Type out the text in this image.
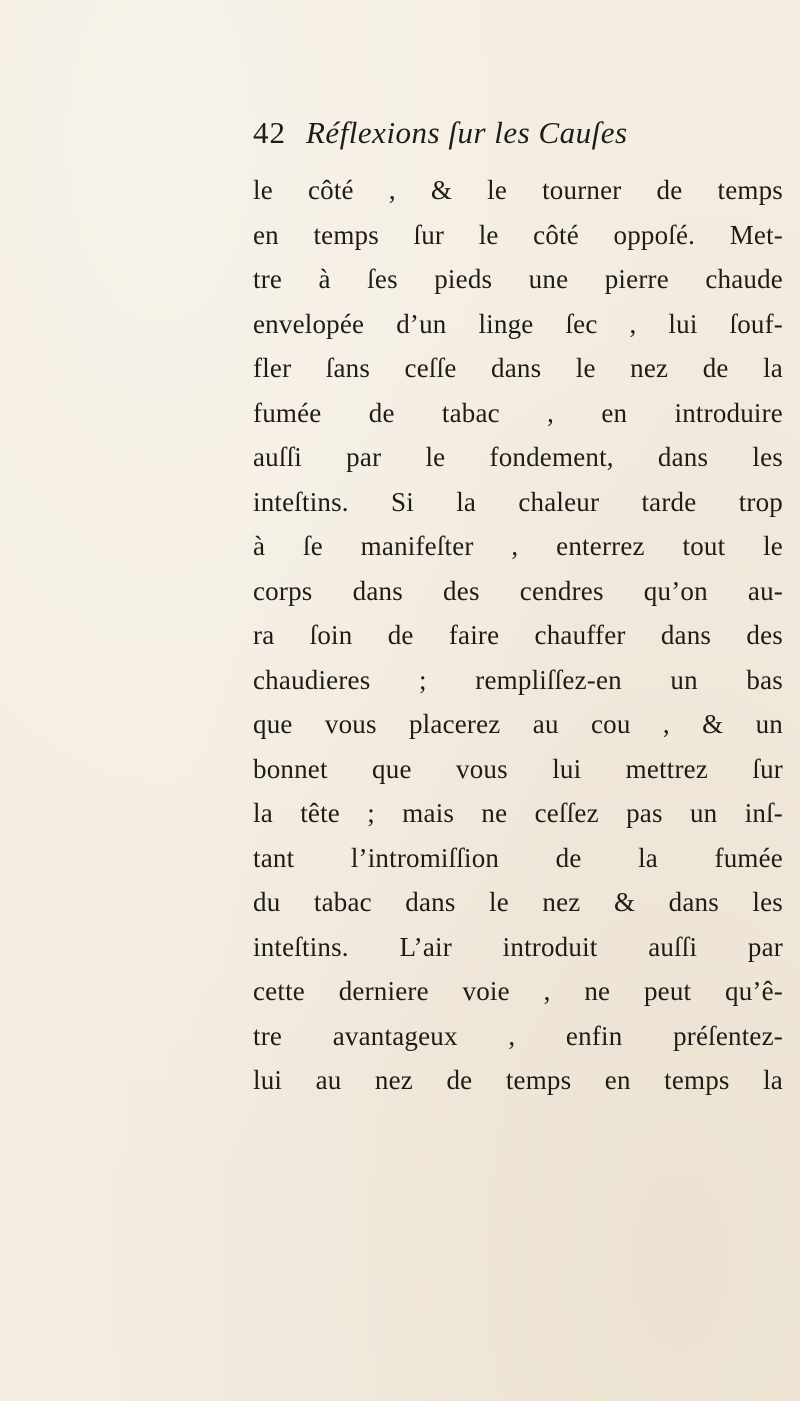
42 Réflexions ſur les Cauſes
le côté , & le tourner de temps
en temps ſur le côté oppoſé. Met-
tre à ſes pieds une pierre chaude
envelopée d’un linge ſec , lui ſouf-
fler ſans ceſſe dans le nez de la
fumée de tabac , en introduire
auſſi par le fondement, dans les
inteſtins. Si la chaleur tarde trop
à ſe manifeſter , enterrez tout le
corps dans des cendres qu’on au-
ra ſoin de faire chauffer dans des
chaudieres ; rempliſſez-en un bas
que vous placerez au cou , & un
bonnet que vous lui mettrez ſur
la tête ; mais ne ceſſez pas un inſ-
tant l’intromiſſion de la fumée
du tabac dans le nez & dans les
inteſtins. L’air introduit auſſi par
cette derniere voie , ne peut qu’ê-
tre avantageux , enfin préſentez-
lui au nez de temps en temps la
